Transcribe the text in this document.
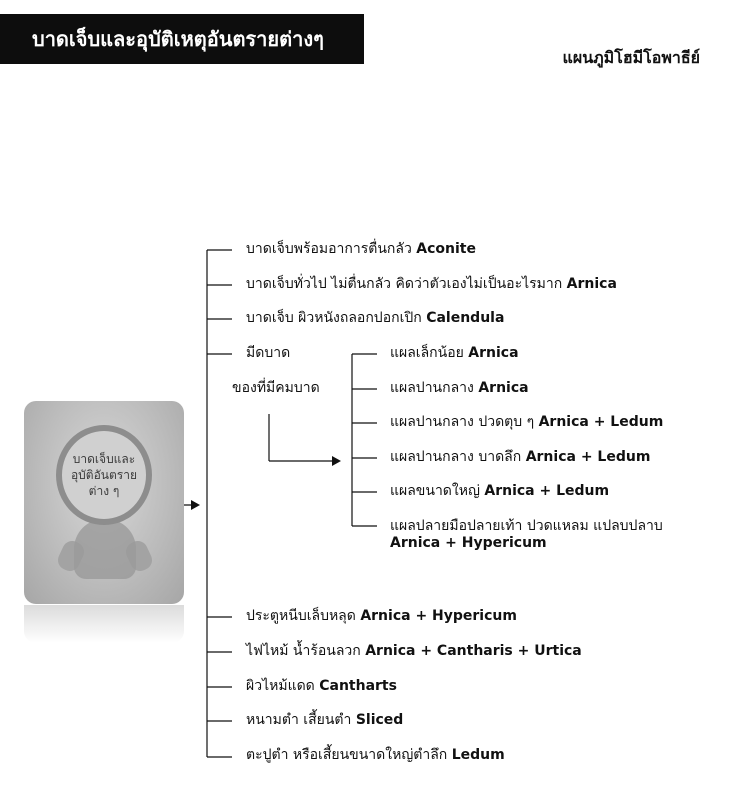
บาดเจ็บและอุบัติเหตุอันตรายต่างๆ
แผนภูมิโฮมีโอพาธีย์
บาดเจ็บและ
อุบัติอันตราย
ต่าง ๆ
บาดเจ็บพร้อมอาการตื่นกลัว Aconite
บาดเจ็บทั่วไป ไม่ตื่นกลัว คิดว่าตัวเองไม่เป็นอะไรมาก Arnica
บาดเจ็บ ผิวหนังถลอกปอกเปิก Calendula
มีดบาด
ของที่มีคมบาด
แผลเล็กน้อย Arnica
แผลปานกลาง Arnica
แผลปานกลาง ปวดตุบ ๆ Arnica + Ledum
แผลปานกลาง บาดลึก Arnica + Ledum
แผลขนาดใหญ่ Arnica + Ledum
แผลปลายมือปลายเท้า ปวดแหลม แปลบปลาบ
Arnica + Hypericum
ประตูหนีบเล็บหลุด Arnica + Hypericum
ไฟไหม้ น้ำร้อนลวก Arnica + Cantharis + Urtica
ผิวไหม้แดด Cantharts
หนามตำ เสี้ยนตำ Sliced
ตะปูตำ หรือเสี้ยนขนาดใหญ่ตำลึก Ledum
